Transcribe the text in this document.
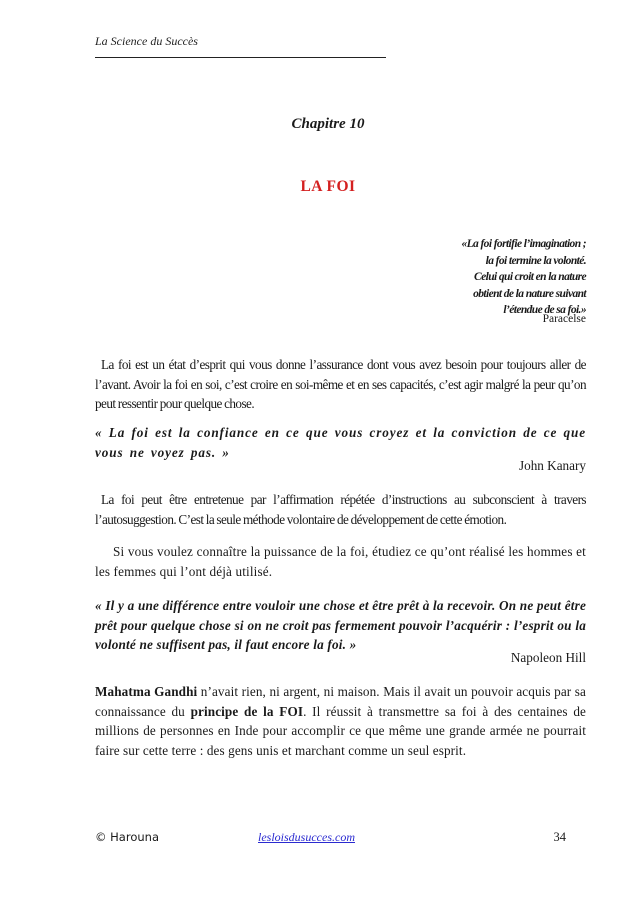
La Science du Succès
Chapitre 10
LA FOI
«La foi fortifie l’imagination ;
la foi termine la volonté.
Celui qui croit en la nature
obtient de la nature suivant
l’étendue de sa foi.»
Paracelse
La foi est un état d’esprit qui vous donne l’assurance dont vous avez besoin pour toujours aller de l’avant. Avoir la foi en soi, c’est croire en soi-même et en ses capacités, c’est agir malgré la peur qu’on peut ressentir pour quelque chose.
« La foi est la confiance en ce que vous croyez et la conviction de ce que vous ne voyez pas. »
John Kanary
La foi peut être entretenue par l’affirmation répétée d’instructions au subconscient à travers l’autosuggestion. C’est la seule méthode volontaire de développement de cette émotion.
Si vous voulez connaître la puissance de la foi, étudiez ce qu’ont réalisé les hommes et les femmes qui l’ont déjà utilisé.
« Il y a une différence entre vouloir une chose et être prêt à la recevoir. On ne peut être prêt pour quelque chose si on ne croit pas fermement pouvoir l’acquérir : l’esprit ou la volonté ne suffisent pas, il faut encore la foi. »
Napoleon Hill
Mahatma Gandhi n’avait rien, ni argent, ni maison. Mais il avait un pouvoir acquis par sa connaissance du principe de la FOI. Il réussit à transmettre sa foi à des centaines de millions de personnes en Inde pour accomplir ce que même une grande armée ne pourrait faire sur cette terre : des gens unis et marchant comme un seul esprit.
© Harouna	lesloisdusucces.com	34
